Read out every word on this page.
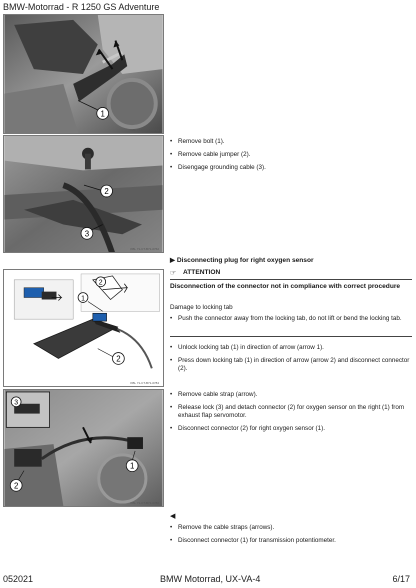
BMW-Motorrad - R 1250 GS Adventure
1
KBL 71-CT-B71-0701
2
3
KBL 71-CT-B71-0762
2
1
2
KBL 71-CT-B71-0784
3
2
1
KBL 71-CT-B71-0780
• Remove bolt (1).
• Remove cable jumper (2).
• Disengage grounding cable (3).
▶ Disconnecting plug for right oxygen sensor
☞ ATTENTION
Disconnection of the connector not in compliance with correct procedure
Damage to locking tab
• Push the connector away from the locking tab, do not lift or bend the locking tab.
• Unlock locking tab (1) in direction of arrow (arrow 1).
• Press down locking tab (1) in direction of arrow (arrow 2) and disconnect connector (2).
• Remove cable strap (arrow).
• Release lock (3) and detach connector (2) for oxygen sensor on the right (1) from exhaust flap servomotor.
• Disconnect connector (2) for right oxygen sensor (1).
◀
• Remove the cable straps (arrows).
• Disconnect connector (1) for transmission potentiometer.
052021	BMW Motorrad, UX-VA-4	6/17
